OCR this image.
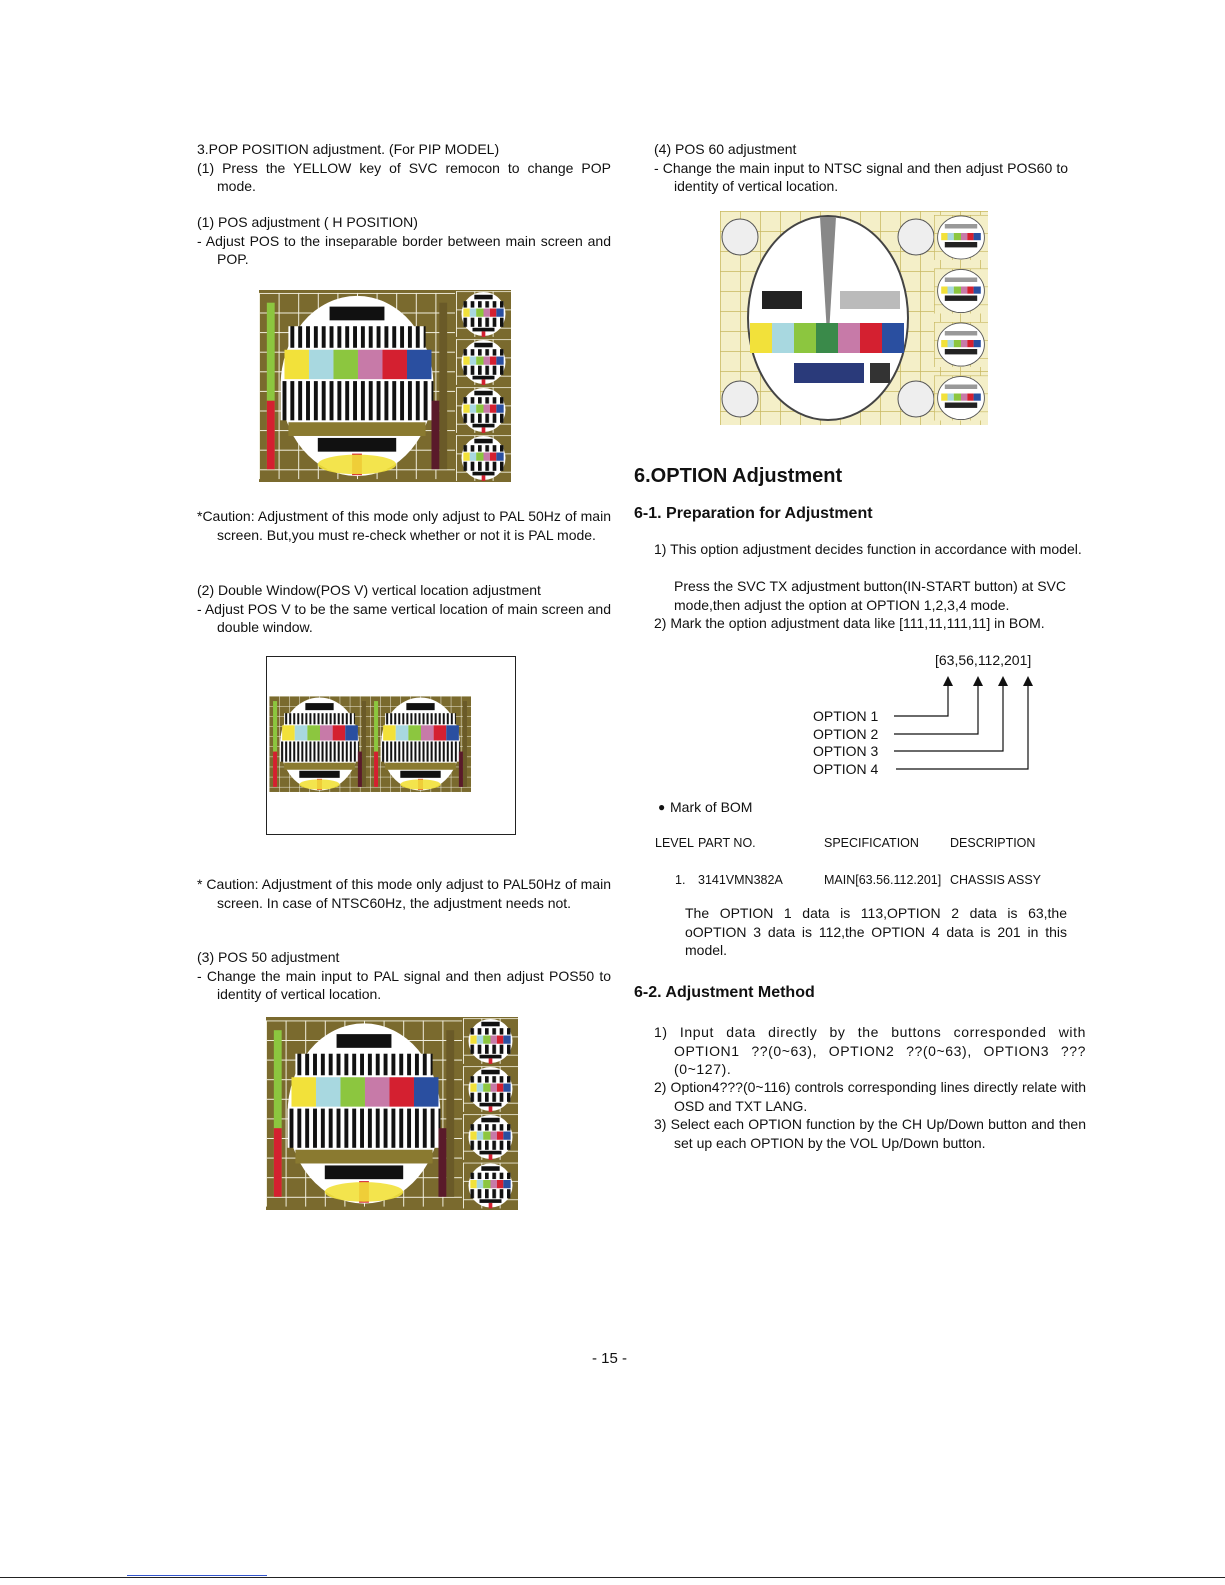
3.POP POSITION adjustment. (For PIP MODEL)

(1) Press the YELLOW key of SVC remocon to change POP mode.

(1) POS adjustment ( H POSITION)

- Adjust POS to the inseparable border between main screen and POP.

*Caution: Adjustment of this mode only adjust to PAL 50Hz of main screen. But,you must re-check whether or not it is PAL mode.

(2) Double Window(POS V) vertical location adjustment

- Adjust POS V to be the same vertical location of main screen and double window.

* Caution: Adjustment of this mode only adjust to PAL50Hz of main screen. In case of NTSC60Hz, the adjustment needs not.

(3) POS 50 adjustment

- Change the main input to PAL signal and then adjust POS50 to identity of vertical location.

(4) POS 60 adjustment

- Change the main input to NTSC signal and then adjust POS60 to identity of vertical location.

6.OPTION Adjustment
6-1. Preparation for Adjustment

1) This option adjustment decides function in accordance with model.

Press the SVC TX adjustment button(IN-START button) at SVC mode,then adjust the option at OPTION 1,2,3,4 mode.

2) Mark the option adjustment data like [111,11,111,11] in BOM.

[63,56,112,201]

OPTION 1

OPTION 2

OPTION 3

OPTION 4

● Mark of BOM

LEVEL PART NO.	SPECIFICATION DESCRIPTION
1. 3141VMN382A	MAIN[63.56.112.201] CHASSIS ASSY

The OPTION 1 data is 113,OPTION 2 data is 63,the oOPTION 3 data is 112,the OPTION 4 data is 201 in this model.

6-2. Adjustment Method

1) Input data directly by the buttons corresponded with OPTION1 ??(0~63), OPTION2 ??(0~63), OPTION3 ???(0~127).

2) Option4???(0~116) controls corresponding lines directly relate with OSD and TXT LANG.

3) Select each OPTION function by the CH Up/Down button and then set up each OPTION by the VOL Up/Down button.

- 15 -
